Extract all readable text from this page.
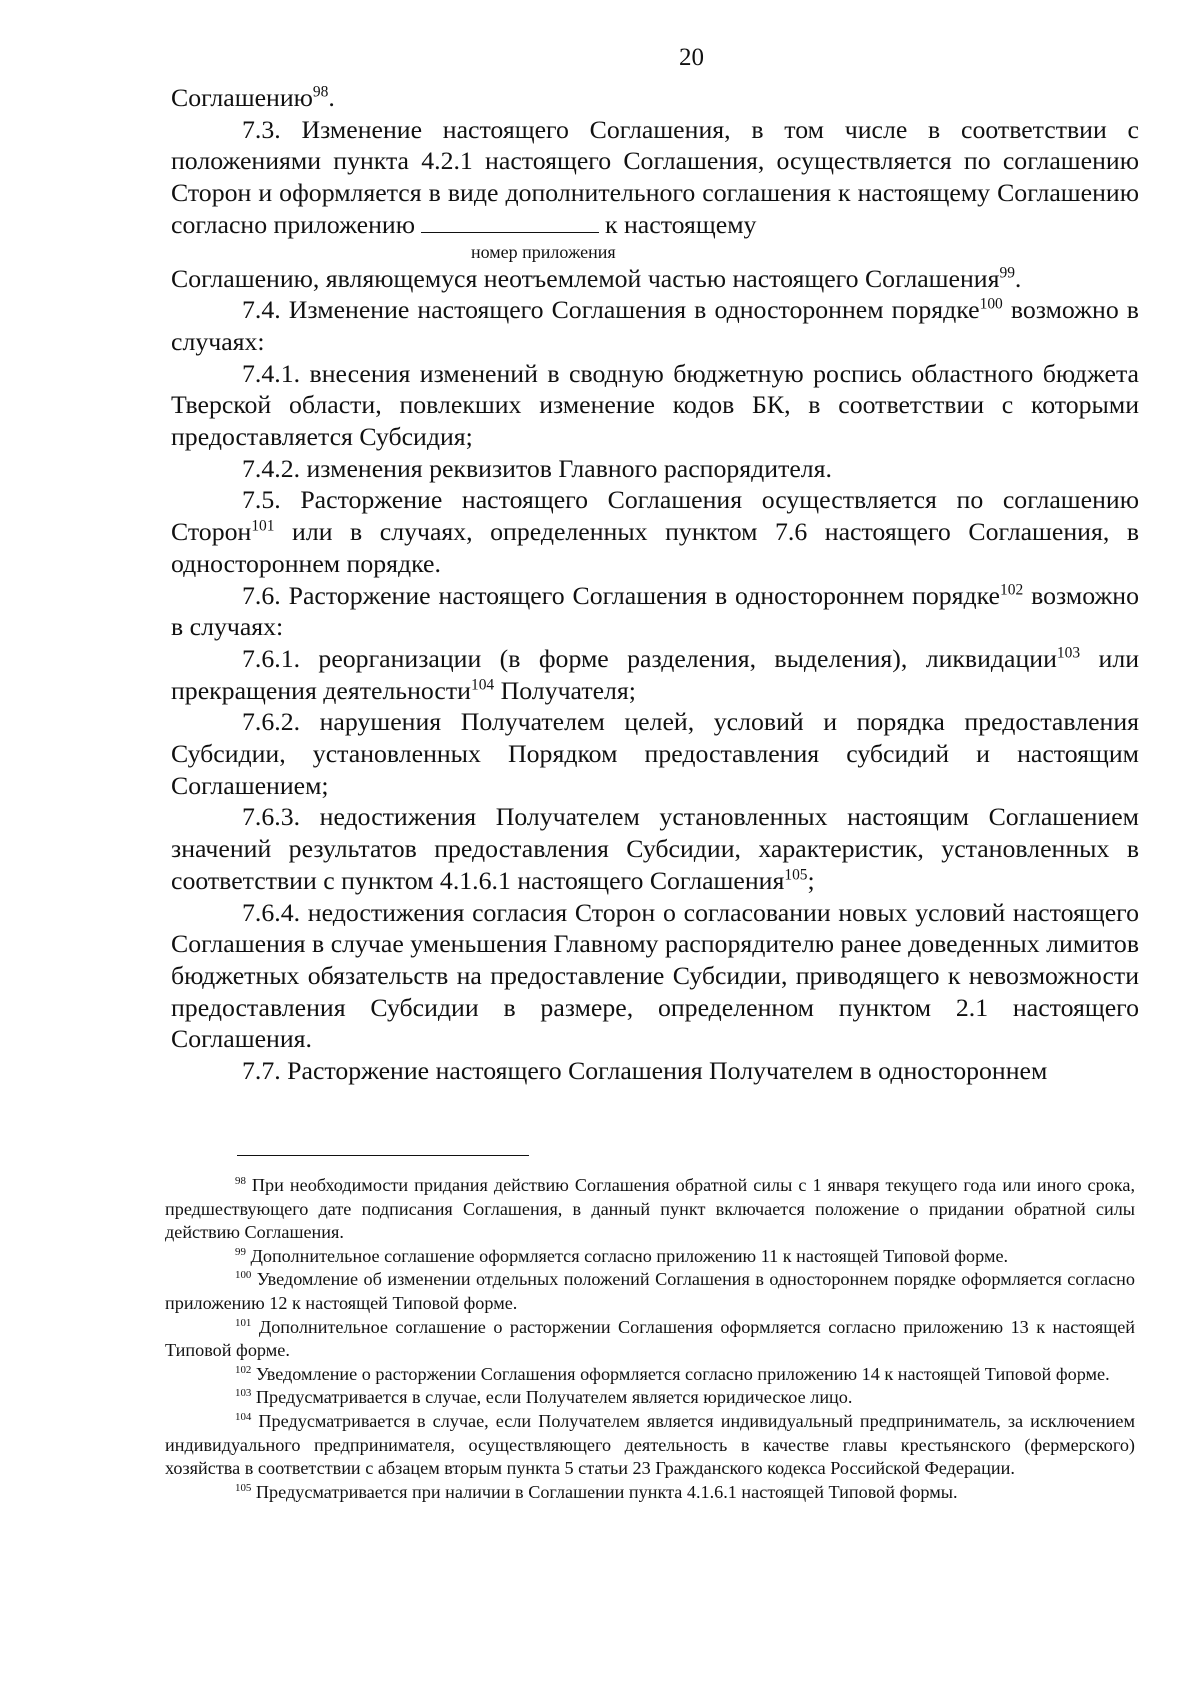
20

Соглашению$^{98}$.

7.3. Изменение настоящего Соглашения, в том числе в соответствии с положениями пункта 4.2.1 настоящего Соглашения, осуществляется по соглашению Сторон и оформляется в виде дополнительного соглашения к настоящему Соглашению согласно приложению	к настоящему

номер приложения

Соглашению, являющемуся неотъемлемой частью настоящего Соглашения$^{99}$.

7.4. Изменение настоящего Соглашения в одностороннем порядке$^{100}$ возможно в случаях:

7.4.1. внесения изменений в сводную бюджетную роспись областного бюджета Тверской области, повлекших изменение кодов БК, в соответствии с которыми предоставляется Субсидия;

7.4.2. изменения реквизитов Главного распорядителя.

7.5. Расторжение настоящего Соглашения осуществляется по соглашению Сторон$^{101}$ или в случаях, определенных пунктом 7.6 настоящего Соглашения, в одностороннем порядке.

7.6. Расторжение настоящего Соглашения в одностороннем порядке$^{102}$ возможно в случаях:

7.6.1. реорганизации (в форме разделения, выделения), ликвидации$^{103}$ или прекращения деятельности$^{104}$ Получателя;

7.6.2. нарушения Получателем целей, условий и порядка предоставления Субсидии, установленных Порядком предоставления субсидий и настоящим Соглашением;

7.6.3. недостижения Получателем установленных настоящим Соглашением значений результатов предоставления Субсидии, характеристик, установленных в соответствии с пунктом 4.1.6.1 настоящего Соглашения$^{105}$;

7.6.4. недостижения согласия Сторон о согласовании новых условий настоящего Соглашения в случае уменьшения Главному распорядителю ранее доведенных лимитов бюджетных обязательств на предоставление Субсидии, приводящего к невозможности предоставления Субсидии в размере, определенном пунктом 2.1 настоящего Соглашения.

7.7. Расторжение настоящего Соглашения Получателем в одностороннем

$^{98}$ При необходимости придания действию Соглашения обратной силы с 1 января текущего года или иного срока, предшествующего дате подписания Соглашения, в данный пункт включается положение о придании обратной силы действию Соглашения.

$^{99}$ Дополнительное соглашение оформляется согласно приложению 11 к настоящей Типовой форме.

$^{100}$ Уведомление об изменении отдельных положений Соглашения в одностороннем порядке оформляется согласно приложению 12 к настоящей Типовой форме.

$^{101}$ Дополнительное соглашение о расторжении Соглашения оформляется согласно приложению 13 к настоящей Типовой форме.

$^{102}$ Уведомление о расторжении Соглашения оформляется согласно приложению 14 к настоящей Типовой форме.

$^{103}$ Предусматривается в случае, если Получателем является юридическое лицо.

$^{104}$ Предусматривается в случае, если Получателем является индивидуальный предприниматель, за исключением индивидуального предпринимателя, осуществляющего деятельность в качестве главы крестьянского (фермерского) хозяйства в соответствии с абзацем вторым пункта 5 статьи 23 Гражданского кодекса Российской Федерации.

$^{105}$ Предусматривается при наличии в Соглашении пункта 4.1.6.1 настоящей Типовой формы.
